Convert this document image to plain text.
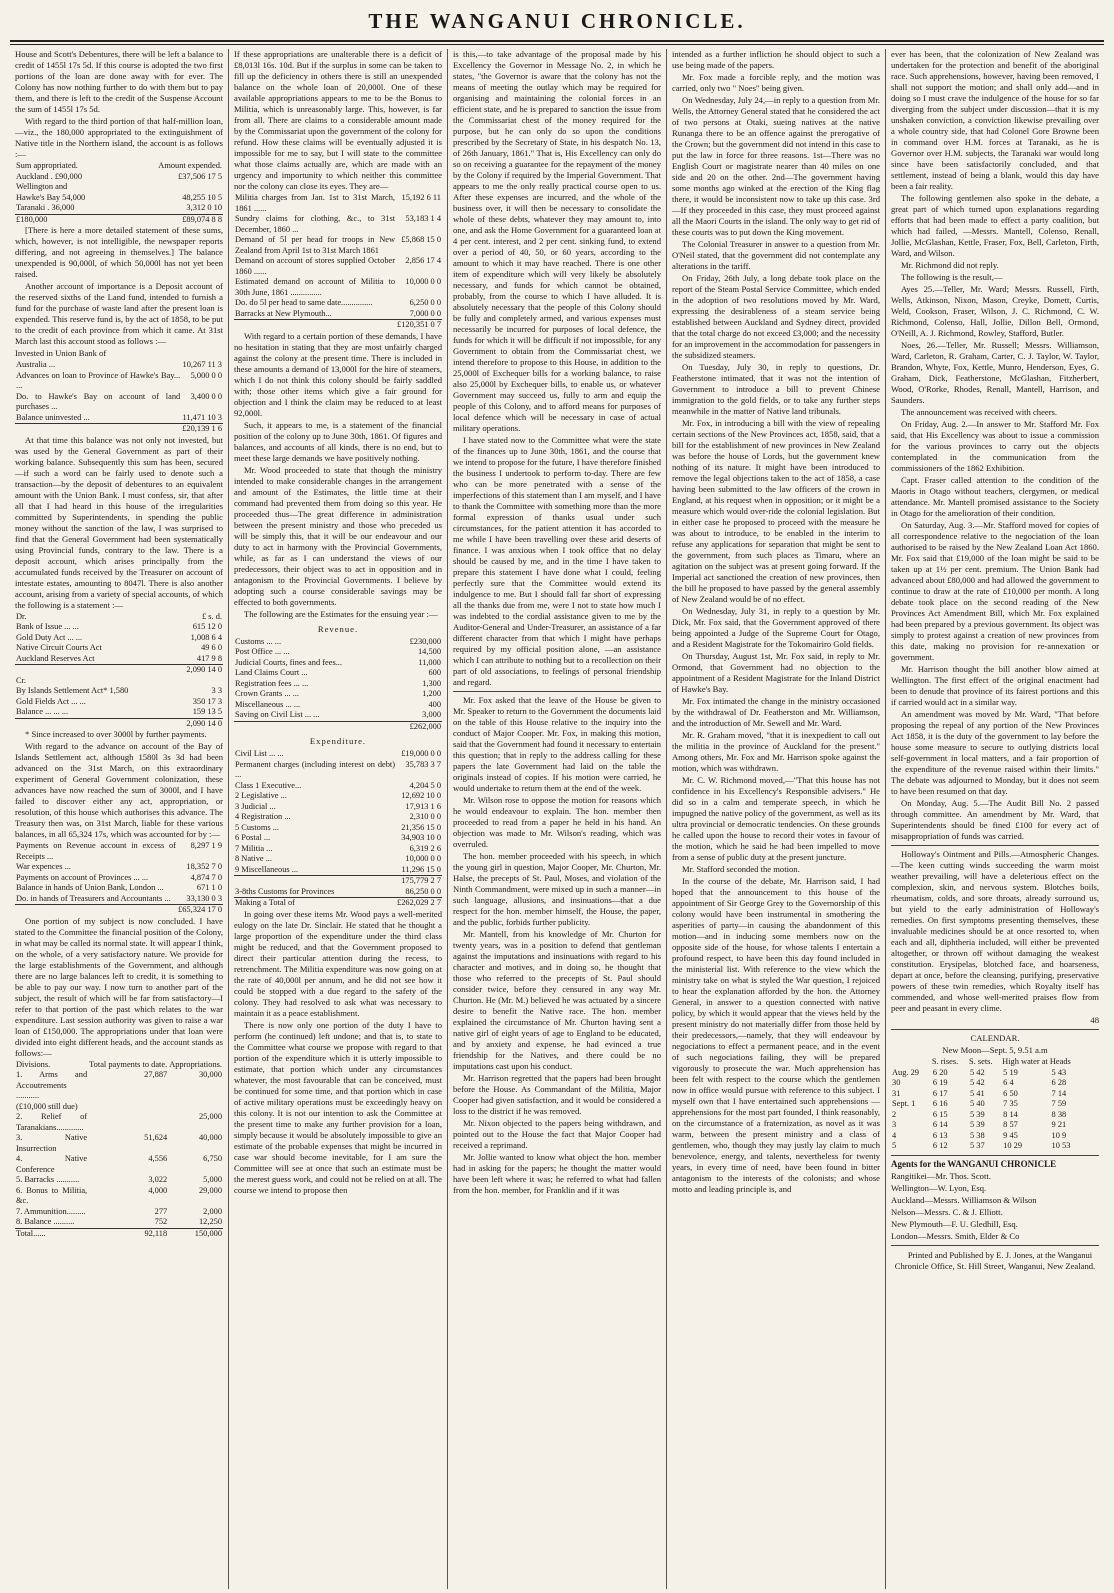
THE WANGANUI CHRONICLE.

House and Scott's Debentures, there will be left a balance to credit of 1455l 17s 5d. If this course is adopted the two first portions of the loan are done away with for ever. The Colony has now nothing further to do with them but to pay them, and there is left to the credit of the Suspense Account the sum of 1455l 17s 5d.

With regard to the third portion of that half-million loan,—viz., the 180,000 appropriated to the extinguishment of Native title in the Northern island, the account is as follows :—

Sum appropriated.	Amount expended.
Auckland . £90,000	£37,506 17 5
Wellington and	
Hawke's Bay 54,000	48,255 10 5
Taranaki . 36,000	3,312 0 10
£180,000	£89,074 8 8

[There is here a more detailed statement of these sums, which, however, is not intelligible, the newspaper reports differing, and not agreeing in themselves.] The balance unexpended is 90,000l, of which 50,000l has not yet been raised.

Another account of importance is a Deposit account of the reserved sixths of the Land fund, intended to furnish a fund for the purchase of waste land after the present loan is expended. This reserve fund is, by the act of 1858, to be put to the credit of each province from which it came. At 31st March last this account stood as follows :—

Invested in Union Bank of

Australia ...	10,267 11 3
Advances on loan to Province of Hawke's Bay... ...	5,000 0 0
Do. to Hawke's Bay on account of land purchases ...	3,400 0 0
Balance uninvested ...	11,471 10 3
	£20,139 1 6

At that time this balance was not only not invested, but was used by the General Government as part of their working balance. Subsequently this sum has been, secured—if such a word can be fairly used to denote such a transaction—by the deposit of debentures to an equivalent amount with the Union Bank. I must confess, sir, that after all that I had heard in this house of the irregularities committed by Superintendents, in spending the public money without the sanction of the law, I was surprised to find that the General Government had been systematically using Provincial funds, contrary to the law. There is a deposit account, which arises principally from the accumulated funds received by the Treasurer on account of intestate estates, amounting to 8047l. There is also another account, arising from a variety of special accounts, of which the following is a statement :—

Dr.	£ s. d.
Bank of Issue ... ...	615 12 0
Gold Duty Act ... ...	1,008 6 4
Native Circuit Courts Act	49 6 0
Auckland Reserves Act	417 9 8
	2,090 14 0
Cr.	
By Islands Settlement Act* 1,580	3 3
Gold Fields Act ... ...	350 17 3
Balance ... ... ...	159 13 5
	2,090 14 0

* Since increased to over 3000l by further payments.

With regard to the advance on account of the Bay of Islands Settlement act, although 1580l 3s 3d had been advanced on the 31st March, on this extraordinary experiment of General Government colonization, these advances have now reached the sum of 3000l, and I have failed to discover either any act, appropriation, or resolution, of this house which authorises this advance. The Treasury then was, on 31st March, liable for these various balances, in all 65,324 17s, which was accounted for by :—

Payments on Revenue account in excess of Receipts ...	8,297 1 9
War expences ...	18,352 7 0
Payments on account of Provinces ... ...	4,874 7 0
Balance in hands of Union Bank, London ...	671 1 0
Do. in hands of Treasurers and Accountants ...	33,130 0 3
	£65,324 17 0

One portion of my subject is now concluded. I have stated to the Committee the financial position of the Colony, in what may be called its normal state. It will appear I think, on the whole, of a very satisfactory nature. We provide for the large establishments of the Government, and although there are no large balances left to credit, it is something to be able to pay our way. I now turn to another part of the subject, the result of which will be far from satisfactory—I refer to that portion of the past which relates to the war expenditure. Last session authority was given to raise a war loan of £150,000. The appropriations under that loan were divided into eight different heads, and the account stands as follows:—

Divisions.	Total payments to date.	Appropriations.
1. Arms and Accoutrements ...........	27,887	30,000
(£10,000 still due)		
2. Relief of Taranakians.............		25,000
3. Native Insurrection	51,624	40,000
4. Native Conference	4,556	6,750
5. Barracks ...........	3,022	5,000
6. Bonus to Militia, &c.	4,000	29,000
7. Ammunition.........	277	2,000
8. Balance ..........	752	12,250
Total......	92,118	150,000

If these appropriations are unalterable there is a deficit of £8,013l 16s. 10d. But if the surplus in some can be taken to fill up the deficiency in others there is still an unexpended balance on the whole loan of 20,000l. One of these available appropriations appears to me to be the Bonus to Militia, which is unreasonably large. This, however, is far from all. There are claims to a considerable amount made by the Commissariat upon the government of the colony for refund. How these claims will be eventually adjusted it is impossible for me to say, but I will state to the committee what those claims actually are, which are made with an urgency and importunity to which neither this committee nor the colony can close its eyes. They are—

Militia charges from Jan. 1st to 31st March, 1861 ......	15,192 6 11
Sundry claims for clothing, &c., to 31st December, 1860 ...	53,183 1 4
Demand of 5l per head for troops in New Zealand from April 1st to 31st March 1861	£5,868 15 0
Demand on account of stores supplied October 1860 ......	2,856 17 4
Estimated demand on account of Militia to 30th June, 1861 ...............	10,000 0 0
Do. do 5l per head to same date...............	6,250 0 0
Barracks at New Plymouth...	7,000 0 0
	£120,351 0 7

With regard to a certain portion of these demands, I have no hesitation in stating that they are most unfairly charged against the colony at the present time. There is included in these amounts a demand of 13,000l for the hire of steamers, which I do not think this colony should be fairly saddled with; those other items which give a fair ground for objection and I think the claim may be reduced to at least 92,000l.

Such, it appears to me, is a statement of the financial position of the colony up to June 30th, 1861. Of figures and balances, and accounts of all kinds, there is no end, but to meet these large demands we have positively nothing.

Mr. Wood proceeded to state that though the ministry intended to make considerable changes in the arrangement and amount of the Estimates, the little time at their command had prevented them from doing so this year. He proceeded thus—The great difference in administration between the present ministry and those who preceded us will be simply this, that it will be our endeavour and our duty to act in harmony with the Provincial Governments, while, as far as I can understand the views of our predecessors, their object was to act in opposition and in antagonism to the Provincial Governments. I believe by adopting such a course considerable savings may be effected to both governments.

The following are the Estimates for the ensuing year :—

Revenue.
Customs ... ...	£230,000
Post Office ... ...	14,500
Judicial Courts, fines and fees...	11,000
Land Claims Court ...	600
Registration fees ... ...	1,300
Crown Grants ... ...	1,200
Miscellaneous ... ...	400
Saving on Civil List ... ...	3,000
	£262,000
Expenditure.
Civil List ... ...	£19,000 0 0
Permanent charges (including interest on debt) ...	35,783 3 7
Class 1 Executive...	4,204 5 0
2 Legislative ...	12,692 10 0
3 Judicial ...	17,913 1 6
4 Registration ...	2,310 0 0
5 Customs ...	21,356 15 0
6 Postal ...	34,903 10 0
7 Militia ...	6,319 2 6
8 Native ...	10,000 0 0
9 Miscellaneous ...	11,296 15 0
	175,779 2 7
3-8ths Customs for Provinces	86,250 0 0
Making a Total of	£262,029 2 7

In going over these items Mr. Wood pays a well-merited eulogy on the late Dr. Sinclair. He stated that he thought a large proportion of the expenditure under the third class might be reduced, and that the Government proposed to direct their particular attention during the recess, to retrenchment. The Militia expenditure was now going on at the rate of 40,000l per annum, and he did not see how it could be stopped with a due regard to the safety of the colony. They had resolved to ask what was necessary to maintain it as a peace establishment.

There is now only one portion of the duty I have to perform (he continued) left undone; and that is, to state to the Committee what course we propose with regard to that portion of the expenditure which it is utterly impossible to estimate, that portion which under any circumstances whatever, the most favourable that can be conceived, must be continued for some time, and that portion which in case of active military operations must be exceedingly heavy on this colony. It is not our intention to ask the Committee at the present time to make any further provision for a loan, simply because it would be absolutely impossible to give an estimate of the probable expenses that might be incurred in case war should become inevitable, for I am sure the Committee will see at once that such an estimate must be the merest guess work, and could not be relied on at all. The course we intend to propose then

is this,—to take advantage of the proposal made by his Excellency the Governor in Message No. 2, in which he states, "the Governor is aware that the colony has not the means of meeting the outlay which may be required for organising and maintaining the colonial forces in an efficient state, and he is prepared to sanction the issue from the Commissariat chest of the money required for the purpose, but he can only do so upon the conditions prescribed by the Secretary of State, in his despatch No. 13, of 26th January, 1861." That is, His Excellency can only do so on receiving a guarantee for the repayment of the money by the Colony if required by the Imperial Government. That appears to me the only really practical course open to us. After these expenses are incurred, and the whole of the business over, it will then be necessary to consolidate the whole of these debts, whatever they may amount to, into one, and ask the Home Government for a guaranteed loan at 4 per cent. interest, and 2 per cent. sinking fund, to extend over a period of 40, 50, or 60 years, according to the amount to which it may have reached. There is one other item of expenditure which will very likely be absolutely necessary, and funds for which cannot be obtained, probably, from the course to which I have alluded. It is absolutely necessary that the people of this Colony should be fully and completely armed, and various expenses must necessarily be incurred for purposes of local defence, the funds for which it will be difficult if not impossible, for any Government to obtain from the Commissariat chest, we intend therefore to propose to this House, in addition to the 25,000l of Exchequer bills for a working balance, to raise also 25,000l by Exchequer bills, to enable us, or whatever Government may succeed us, fully to arm and equip the people of this Colony, and to afford means for purposes of local defence which will be necessary in case of actual military operations.

I have stated now to the Committee what were the state of the finances up to June 30th, 1861, and the course that we intend to propose for the future, I have therefore finished the business I undertook to perform to-day. There are few who can be more penetrated with a sense of the imperfections of this statement than I am myself, and I have to thank the Committee with something more than the more formal expression of thanks usual under such circumstances, for the patient attention it has accorded to me while I have been travelling over these arid deserts of finance. I was anxious when I took office that no delay should be caused by me, and in the time I have taken to prepare this statement I have done what I could, feeling perfectly sure that the Committee would extend its indulgence to me. But I should fall far short of expressing all the thanks due from me, were I not to state how much I was indebted to the cordial assistance given to me by the Auditor-General and Under-Treasurer, an assistance of a far different character from that which I might have perhaps required by my official position alone, —an assistance which I can attribute to nothing but to a recollection on their part of old associations, to feelings of personal friendship and regard.

Mr. Fox asked that the leave of the House be given to Mr. Speaker to return to the Government the documents laid on the table of this House relative to the inquiry into the conduct of Major Cooper. Mr. Fox, in making this motion, said that the Government had found it necessary to entertain this question; that in reply to the address calling for these papers the late Government had laid on the table the originals instead of copies. If his motion were carried, he would undertake to return them at the end of the week.

Mr. Wilson rose to oppose the motion for reasons which he would endeavour to explain. The hon. member then proceeded to read from a paper he held in his hand. An objection was made to Mr. Wilson's reading, which was overruled.

The hon. member proceeded with his speech, in which the young girl in question, Major Cooper, Mr. Churton, Mr. Halse, the precepts of St. Paul, Moses, and violation of the Ninth Commandment, were mixed up in such a manner—in such language, allusions, and insinuations—that a due respect for the hon. member himself, the House, the paper, and the public, forbids further publicity.

Mr. Mantell, from his knowledge of Mr. Churton for twenty years, was in a position to defend that gentleman against the imputations and insinuations with regard to his character and motives, and in doing so, he thought that those who referred to the precepts of St. Paul should consider twice, before they censured in any way Mr. Churton. He (Mr. M.) believed he was actuated by a sincere desire to benefit the Native race. The hon. member explained the circumstance of Mr. Churton having sent a native girl of eight years of age to England to be educated, and by anxiety and expense, he had evinced a true friendship for the Natives, and there could be no imputations cast upon his conduct.

Mr. Harrison regretted that the papers had been brought before the House. As Commandant of the Militia, Major Cooper had given satisfaction, and it would be considered a loss to the district if he was removed.

Mr. Nixon objected to the papers being withdrawn, and pointed out to the House the fact that Major Cooper had received a reprimand.

Mr. Jollie wanted to know what object the hon. member had in asking for the papers; he thought the matter would have been left where it was; he referred to what had fallen from the hon. member, for Franklin and if it was

intended as a further infliction he should object to such a use being made of the papers.

Mr. Fox made a forcible reply, and the motion was carried, only two " Noes" being given.

On Wednesday, July 24,—in reply to a question from Mr. Wells, the Attorney General stated that he considered the act of two persons at Otaki, sueing natives at the native Runanga there to be an offence against the prerogative of the Crown; but the government did not intend in this case to put the law in force for three reasons. 1st—There was no English Court or magistrate nearer than 40 miles on one side and 20 on the other. 2nd—The government having some months ago winked at the erection of the King flag there, it would be inconsistent now to take up this case. 3rd—If they proceeded in this case, they must proceed against all the Maori Courts in the island. The only way to get rid of these courts was to put down the King movement.

The Colonial Treasurer in answer to a question from Mr. O'Neil stated, that the government did not contemplate any alterations in the tariff.

On Friday, 26th July, a long debate took place on the report of the Steam Postal Service Committee, which ended in the adoption of two resolutions moved by Mr. Ward, expressing the desirableness of a steam service being established between Auckland and Sydney direct, provided that the total charge do not exceed £3,000; and the necessity for an improvement in the accommodation for passengers in the subsidized steamers.

On Tuesday, July 30, in reply to questions, Dr. Featherstone intimated, that it was not the intention of Government to introduce a bill to prevent Chinese immigration to the gold fields, or to take any further steps meanwhile in the matter of Native land tribunals.

Mr. Fox, in introducing a bill with the view of repealing certain sections of the New Provinces act, 1858, said, that a bill for the establishment of new provinces in New Zealand was before the house of Lords, but the government knew nothing of its nature. It might have been introduced to remove the legal objections taken to the act of 1858, a case having been submitted to the law officers of the crown in England, at his request when in opposition; or it might be a measure which would over-ride the colonial legislation. But in either case he proposed to proceed with the measure he was about to introduce, to be enabled in the interim to refuse any applications for separation that might be sent to the government, from such places as Timaru, where an agitation on the subject was at present going forward. If the Imperial act sanctioned the creation of new provinces, then the bill he proposed to have passed by the general assembly of New Zealand would be of no effect.

On Wednesday, July 31, in reply to a question by Mr. Dick, Mr. Fox said, that the Government approved of there being appointed a Judge of the Supreme Court for Otago, and a Resident Magistrate for the Tokomairiro Gold fields.

On Thursday, August 1st, Mr. Fox said, in reply to Mr. Ormond, that Government had no objection to the appointment of a Resident Magistrate for the Inland District of Hawke's Bay.

Mr. Fox intimated the change in the ministry occasioned by the withdrawal of Dr. Featherston and Mr. Williamson, and the introduction of Mr. Sewell and Mr. Ward.

Mr. R. Graham moved, "that it is inexpedient to call out the militia in the province of Auckland for the present." Among others, Mr. Fox and Mr. Harrison spoke against the motion, which was withdrawn.

Mr. C. W. Richmond moved,—"That this house has not confidence in his Excellency's Responsible advisers." He did so in a calm and temperate speech, in which he impugned the native policy of the government, as well as its ultra provincial or democratic tendencies. On these grounds he called upon the house to record their votes in favour of the motion, which he said he had been impelled to move from a sense of public duty at the present juncture.

Mr. Stafford seconded the motion.

In the course of the debate, Mr. Harrison said, I had hoped that the announcement to this house of the appointment of Sir George Grey to the Governorship of this colony would have been instrumental in smothering the asperities of party—in causing the abandonment of this motion—and in inducing some members now on the opposite side of the house, for whose talents I entertain a profound respect, to have been this day found included in the ministerial list. With reference to the view which the ministry take on what is styled the War question, I rejoiced to hear the explanation afforded by the hon. the Attorney General, in answer to a question connected with native policy, by which it would appear that the views held by the present ministry do not materially differ from those held by their predecessors,—namely, that they will endeavour by negociations to effect a permanent peace, and in the event of such negociations failing, they will be prepared vigorously to prosecute the war. Much apprehension has been felt with respect to the course which the gentlemen now in office would pursue with reference to this subject. I myself own that I have entertained such apprehensions — apprehensions for the most part founded, I think reasonably, on the circumstance of a fraternization, as novel as it was warm, between the present ministry and a class of gentlemen, who, though they may justly lay claim to much benevolence, energy, and talents, nevertheless for twenty years, in every time of need, have been found in bitter antagonism to the interests of the colonists; and whose motto and leading principle is, and

ever has been, that the colonization of New Zealand was undertaken for the protection and benefit of the aboriginal race. Such apprehensions, however, having been removed, I shall not support the motion; and shall only add—and in doing so I must crave the indulgence of the house for so far diverging from the subject under discussion—that it is my unshaken conviction, a conviction likewise prevailing over a whole country side, that had Colonel Gore Browne been in command over H.M. forces at Taranaki, as he is Governor over H.M. subjects, the Taranaki war would long since have been satisfactorily concluded, and that settlement, instead of being a blank, would this day have been a fair reality.

The following gentlemen also spoke in the debate, a great part of which turned upon explanations regarding efforts that had been made to effect a party coalition, but which had failed, —Messrs. Mantell, Colenso, Renall, Jollie, McGlashan, Kettle, Fraser, Fox, Bell, Carleton, Firth, Ward, and Wilson.

Mr. Richmond did not reply.

The following is the result,—

Ayes 25.—Teller, Mr. Ward; Messrs. Russell, Firth, Wells, Atkinson, Nixon, Mason, Creyke, Domett, Curtis, Weld, Cookson, Fraser, Wilson, J. C. Richmond, C. W. Richmond, Colenso, Hall, Jollie, Dillon Bell, Ormond, O'Neill, A. J. Richmond, Rowley, Stafford, Butler.

Noes, 26.—Teller, Mr. Russell; Messrs. Williamson, Ward, Carleton, R. Graham, Carter, C. J. Taylor, W. Taylor, Brandon, Whyte, Fox, Kettle, Munro, Henderson, Eyes, G. Graham, Dick, Featherstone, McGlashan, Fitzherbert, Wood, O'Rorke, Rhodes, Renall, Mantell, Harrison, and Saunders.

The announcement was received with cheers.

On Friday, Aug. 2.—In answer to Mr. Stafford Mr. Fox said, that His Excellency was about to issue a commission for the various provinces to carry out the objects contemplated in the communication from the commissioners of the 1862 Exhibition.

Capt. Fraser called attention to the condition of the Maoris in Otago without teachers, clergymen, or medical attendance. Mr. Mantell promised assistance to the Society in Otago for the amelioration of their condition.

On Saturday, Aug. 3.—Mr. Stafford moved for copies of all correspondence relative to the negociation of the loan authorised to be raised by the New Zealand Loan Act 1860. Mr. Fox said that £19,000 of the loan might be said to be taken up at 1½ per cent. premium. The Union Bank had advanced about £80,000 and had allowed the government to continue to draw at the rate of £10,000 per month. A long debate took place on the second reading of the New Provinces Act Amendment Bill, which Mr. Fox explained had been prepared by a previous government. Its object was simply to protest against a creation of new provinces from this date, making no provision for re-annexation or government.

Mr. Harrison thought the bill another blow aimed at Wellington. The first effect of the original enactment had been to denude that province of its fairest portions and this if carried would act in a similar way.

An amendment was moved by Mr. Ward, "That before proposing the repeal of any portion of the New Provinces Act 1858, it is the duty of the government to lay before the house some measure to secure to outlying districts local self-government in local matters, and a fair proportion of the expenditure of the revenue raised within their limits." The debate was adjourned to Monday, but it does not seem to have been resumed on that day.

On Monday, Aug. 5.—The Audit Bill No. 2 passed through committee. An amendment by Mr. Ward, that Superintendents should be fined £100 for every act of misappropriation of funds was carried.

Holloway's Ointment and Pills.—Atmospheric Changes.—The keen cutting winds succeeding the warm moist weather prevailing, will have a deleterious effect on the complexion, skin, and nervous system. Blotches boils, rheumatism, colds, and sore throats, already surround us, but yield to the early administration of Holloway's remedies. On first symptoms presenting themselves, these invaluable medicines should be at once resorted to, when each and all, diphtheria included, will either be prevented altogether, or thrown off without damaging the weakest constitution. Erysipelas, blotched face, and hoarseness, depart at once, before the cleansing, purifying, preservative powers of these twin remedies, which Royalty itself has commended, and whose well-merited praises flow from peer and peasant in every clime.

48

CALENDAR.

New Moon—Sept. 5, 9.51 a.m

	S. rises.	S. sets.	High water at Heads	
Aug. 29	6 20	5 42	5 19	5 43
30	6 19	5 42	6 4	6 28
31	6 17	5 41	6 50	7 14
Sept. 1	6 16	5 40	7 35	7 59
2	6 15	5 39	8 14	8 38
3	6 14	5 39	8 57	9 21
4	6 13	5 38	9 45	10 9
5	6 12	5 37	10 29	10 53

Agents for the WANGANUI CHRONICLE

Rangitikei—Mr. Thos. Scott.

Wellington—W. Lyon, Esq.

Auckland—Messrs. Williamson & Wilson

Nelson—Messrs. C. & J. Elliott.

New Plymouth—F. U. Gledhill, Esq.

London—Messrs. Smith, Elder & Co

Printed and Published by E. J. Jones, at the Wanganui Chronicle Office, St. Hill Street, Wanganui, New Zealand.
